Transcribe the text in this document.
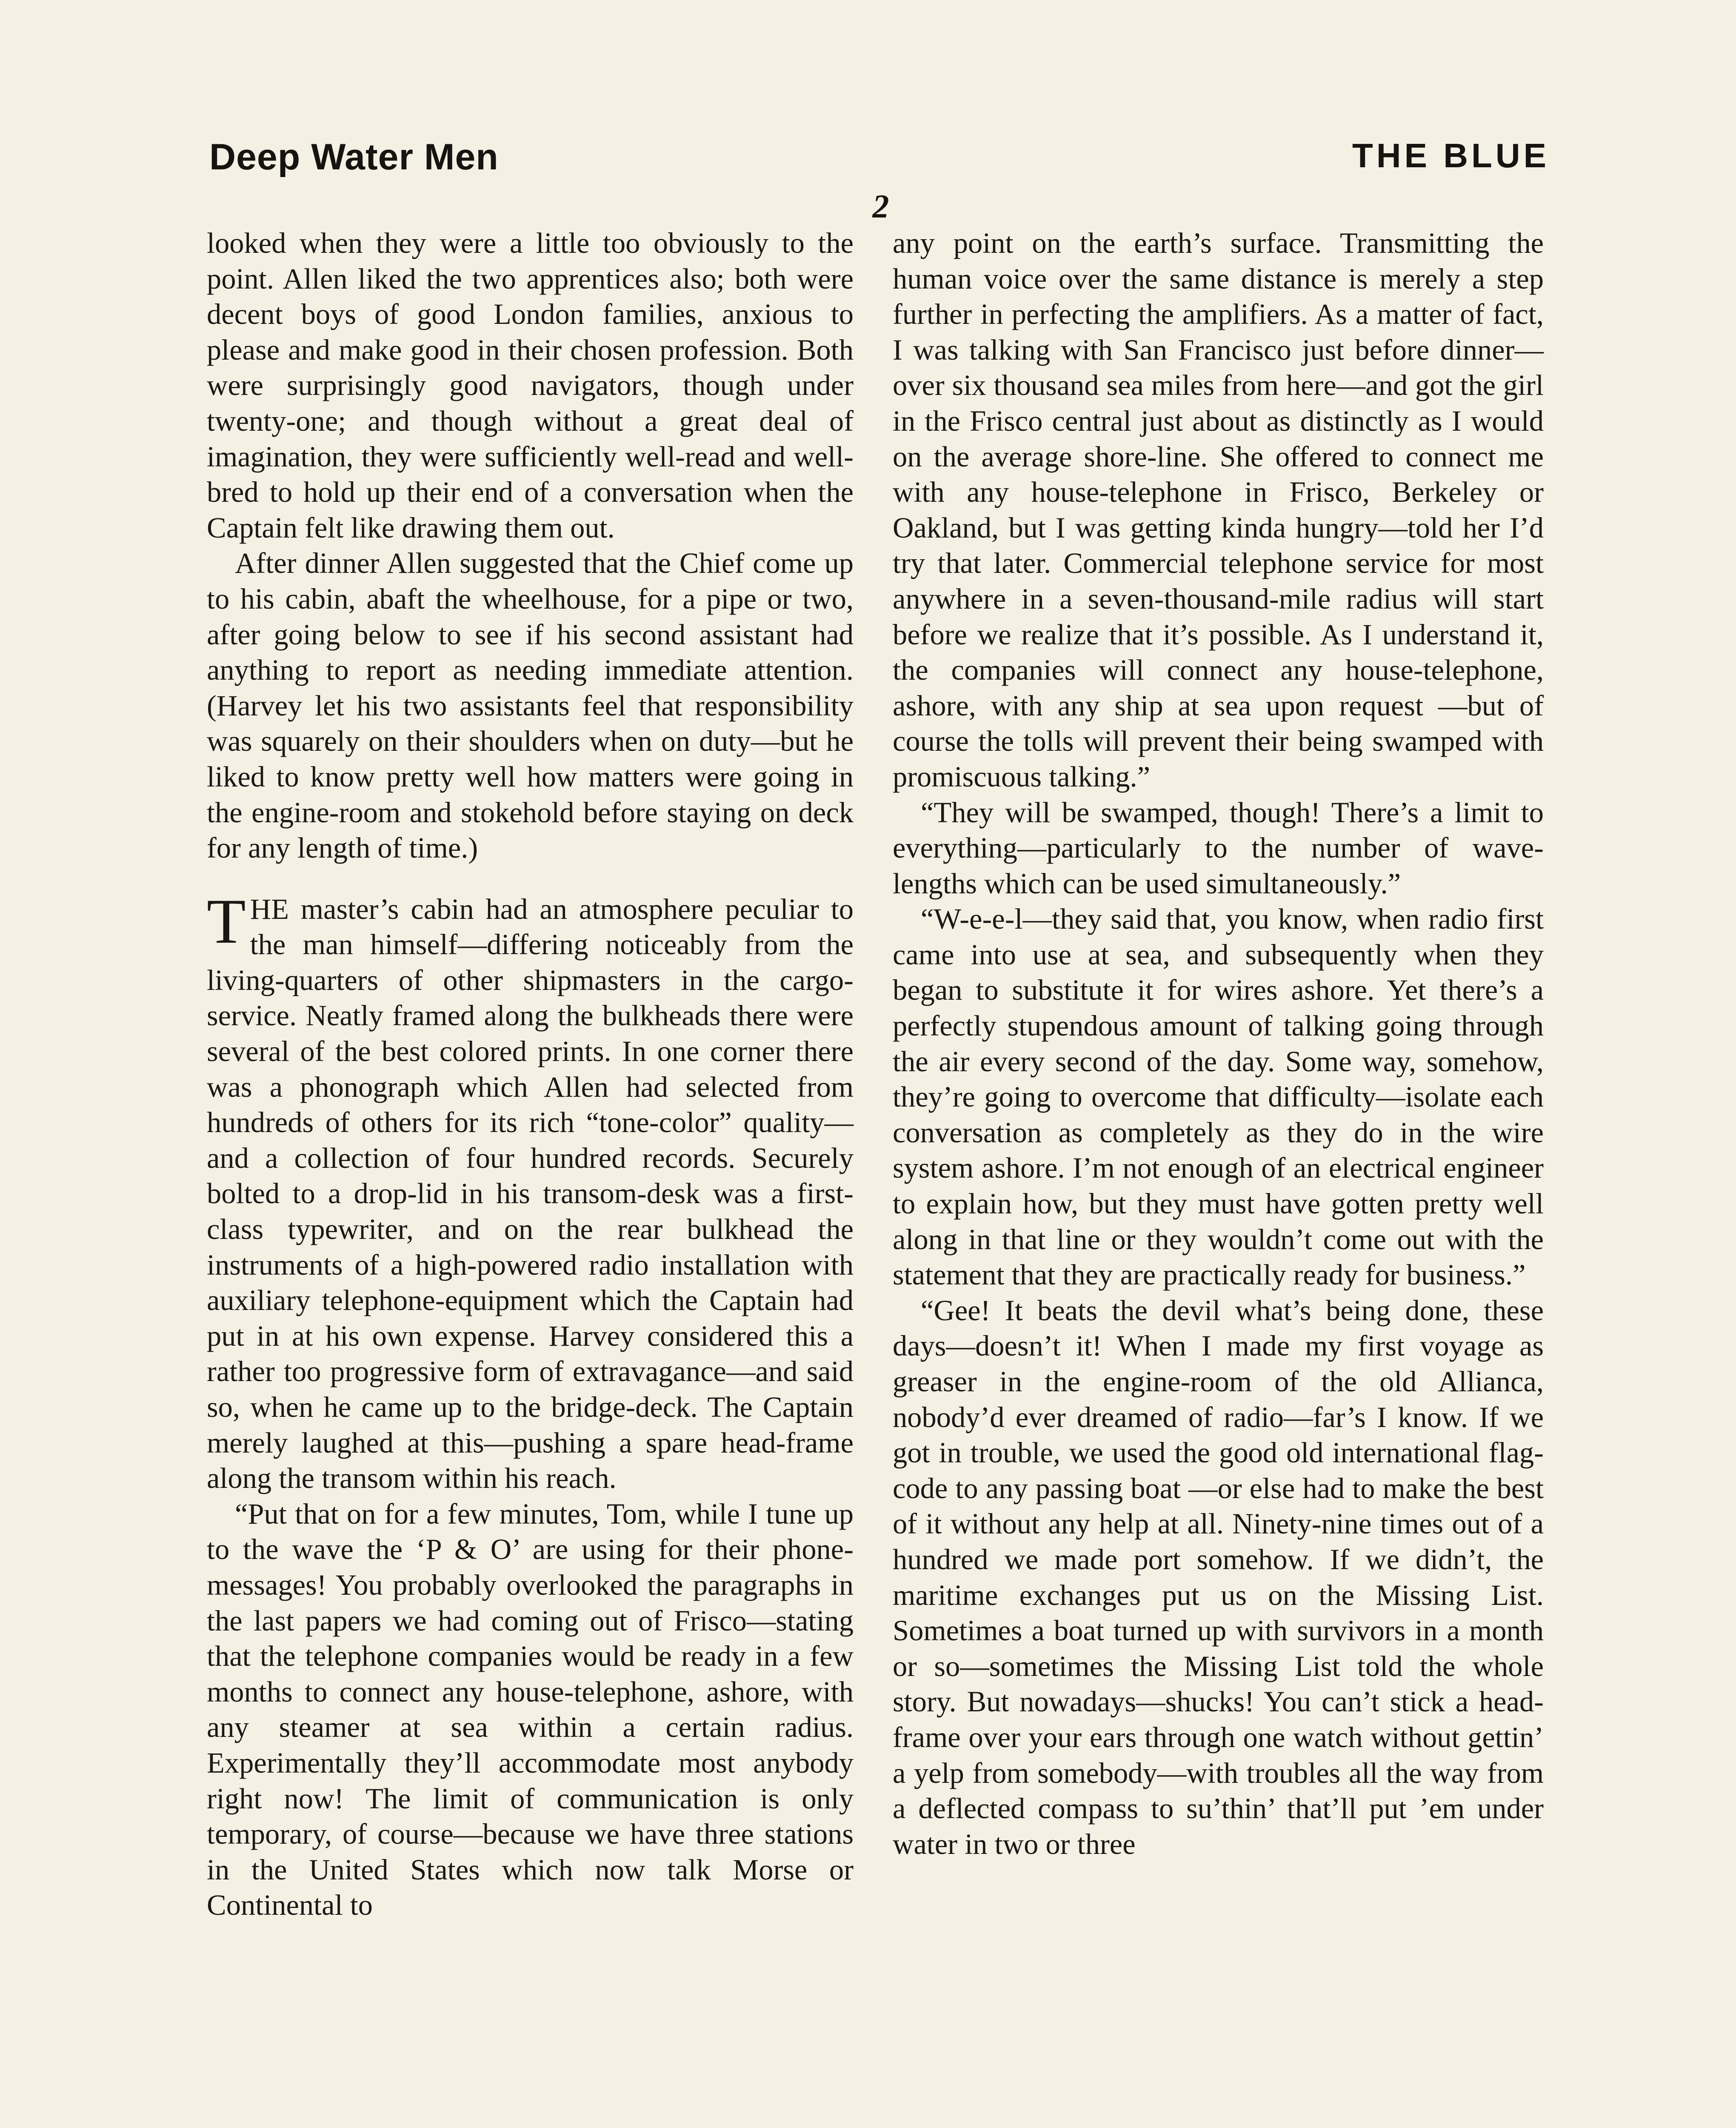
Deep Water Men	THE BLUE
2

looked when they were a little too obviously to the point. Allen liked the two apprentices also; both were decent boys of good London families, anxious to please and make good in their chosen profession. Both were surprisingly good navigators, though under twenty-one; and though without a great deal of imagination, they were sufficiently well-read and well-bred to hold up their end of a conversation when the Captain felt like drawing them out.

After dinner Allen suggested that the Chief come up to his cabin, abaft the wheelhouse, for a pipe or two, after going below to see if his second assistant had anything to report as needing immediate attention. (Harvey let his two assistants feel that responsibility was squarely on their shoulders when on duty—but he liked to know pretty well how matters were going in the engine-room and stokehold before staying on deck for any length of time.)

THE master’s cabin had an atmosphere peculiar to the man himself—differing noticeably from the living-quarters of other shipmasters in the cargo-service. Neatly framed along the bulkheads there were several of the best colored prints. In one corner there was a phonograph which Allen had selected from hundreds of others for its rich “tone-color” quality—and a collection of four hundred records. Securely bolted to a drop-lid in his transom-desk was a first-class typewriter, and on the rear bulkhead the instruments of a high-powered radio installation with auxiliary telephone-equipment which the Captain had put in at his own expense. Harvey considered this a rather too progressive form of extravagance—and said so, when he came up to the bridge-deck. The Captain merely laughed at this—pushing a spare head-frame along the transom within his reach.

“Put that on for a few minutes, Tom, while I tune up to the wave the ‘P & O’ are using for their phone-messages! You probably overlooked the paragraphs in the last papers we had coming out of Frisco—stating that the telephone companies would be ready in a few months to connect any house-telephone, ashore, with any steamer at sea within a certain radius. Experimentally they’ll accommodate most anybody right now! The limit of communication is only temporary, of course—because we have three stations in the United States which now talk Morse or Continental to

any point on the earth’s surface. Transmitting the human voice over the same distance is merely a step further in perfecting the amplifiers. As a matter of fact, I was talking with San Francisco just before dinner—over six thousand sea miles from here—and got the girl in the Frisco central just about as distinctly as I would on the average shore-line. She offered to connect me with any house-telephone in Frisco, Berkeley or Oakland, but I was getting kinda hungry—told her I’d try that later. Commercial telephone service for most anywhere in a seven-thousand-mile radius will start before we realize that it’s possible. As I understand it, the companies will connect any house-telephone, ashore, with any ship at sea upon request —but of course the tolls will prevent their being swamped with promiscuous talking.”

“They will be swamped, though! There’s a limit to everything—particularly to the number of wave-lengths which can be used simultaneously.”

“W-e-e-l—they said that, you know, when radio first came into use at sea, and subsequently when they began to substitute it for wires ashore. Yet there’s a perfectly stupendous amount of talking going through the air every second of the day. Some way, somehow, they’re going to overcome that difficulty—isolate each conversation as completely as they do in the wire system ashore. I’m not enough of an electrical engineer to explain how, but they must have gotten pretty well along in that line or they wouldn’t come out with the statement that they are practically ready for business.”

“Gee! It beats the devil what’s being done, these days—doesn’t it! When I made my first voyage as greaser in the engine-room of the old Allianca, nobody’d ever dreamed of radio—far’s I know. If we got in trouble, we used the good old international flag-code to any passing boat —or else had to make the best of it without any help at all. Ninety-nine times out of a hundred we made port somehow. If we didn’t, the maritime exchanges put us on the Missing List. Sometimes a boat turned up with survivors in a month or so—sometimes the Missing List told the whole story. But nowadays—shucks! You can’t stick a head-frame over your ears through one watch without gettin’ a yelp from somebody—with troubles all the way from a deflected compass to su’thin’ that’ll put ’em under water in two or three
